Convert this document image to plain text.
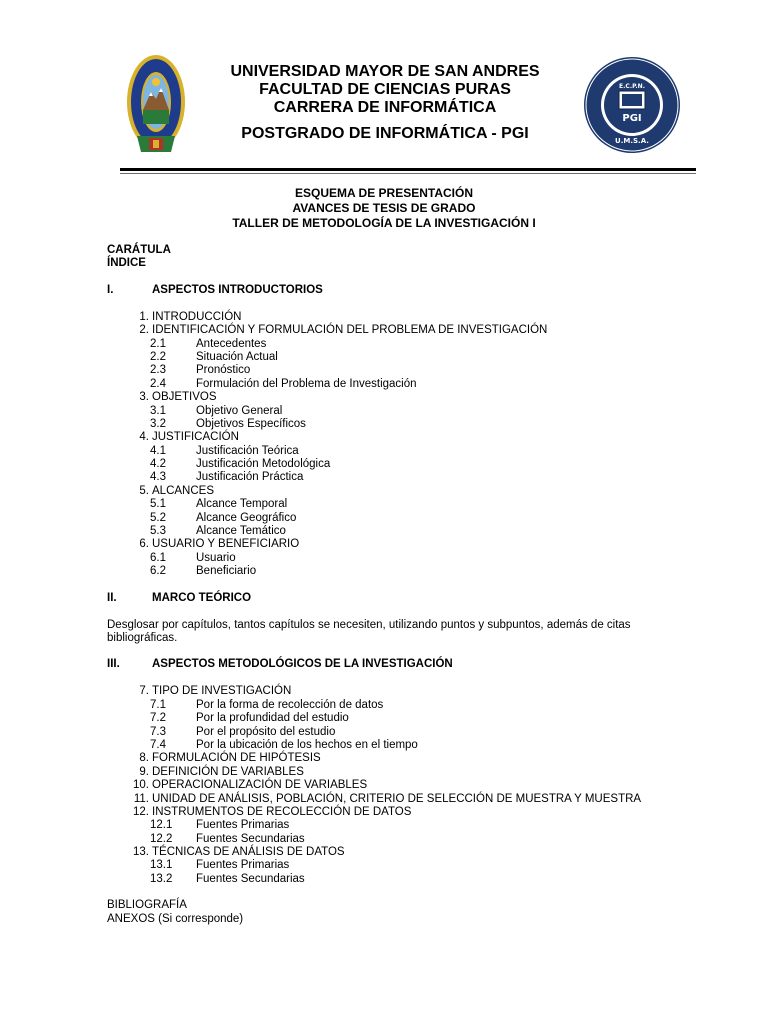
UNIVERSIDAD MAYOR DE SAN ANDRES
UNIVERSIDAD MAYOR DE SAN ANDRES
FACULTAD DE CIENCIAS PURAS
CARRERA DE INFORMÁTICA
POSTGRADO DE INFORMÁTICA - PGI
POSTGRADO EN INFORMÁTICA
E.C.P.N.
PGI
U.M.S.A.
ESQUEMA DE PRESENTACIÓN
AVANCES DE TESIS DE GRADO
TALLER DE METODOLOGÍA DE LA INVESTIGACIÓN I
CARÁTULA
ÍNDICE
I.	ASPECTOS INTRODUCTORIOS
1. INTRODUCCIÓN
2. IDENTIFICACIÓN Y FORMULACIÓN DEL PROBLEMA DE INVESTIGACIÓN
2.1	Antecedentes
2.2	Situación Actual
2.3	Pronóstico
2.4	Formulación del Problema de Investigación
3. OBJETIVOS
3.1	Objetivo General
3.2	Objetivos Específicos
4. JUSTIFICACIÓN
4.1	Justificación Teórica
4.2	Justificación Metodológica
4.3	Justificación Práctica
5. ALCANCES
5.1	Alcance Temporal
5.2	Alcance Geográfico
5.3	Alcance Temático
6. USUARIO Y BENEFICIARIO
6.1	Usuario
6.2	Beneficiario
II.	MARCO TEÓRICO
Desglosar por capítulos, tantos capítulos se necesiten, utilizando puntos y subpuntos, además de citas bibliográficas.
III.	ASPECTOS METODOLÓGICOS DE LA INVESTIGACIÓN
7. TIPO DE INVESTIGACIÓN
7.1	Por la forma de recolección de datos
7.2	Por la profundidad del estudio
7.3	Por el propósito del estudio
7.4	Por la ubicación de los hechos en el tiempo
8. FORMULACIÓN DE HIPÓTESIS
9. DEFINICIÓN DE VARIABLES
10. OPERACIONALIZACIÓN DE VARIABLES
11. UNIDAD DE ANÁLISIS, POBLACIÓN, CRITERIO DE SELECCIÓN DE MUESTRA Y MUESTRA
12. INSTRUMENTOS DE RECOLECCIÓN DE DATOS
12.1 Fuentes Primarias
12.2 Fuentes Secundarias
13. TÉCNICAS DE ANÁLISIS DE DATOS
13.1 Fuentes Primarias
13.2 Fuentes Secundarias
BIBLIOGRAFÍA
ANEXOS (Si corresponde)
